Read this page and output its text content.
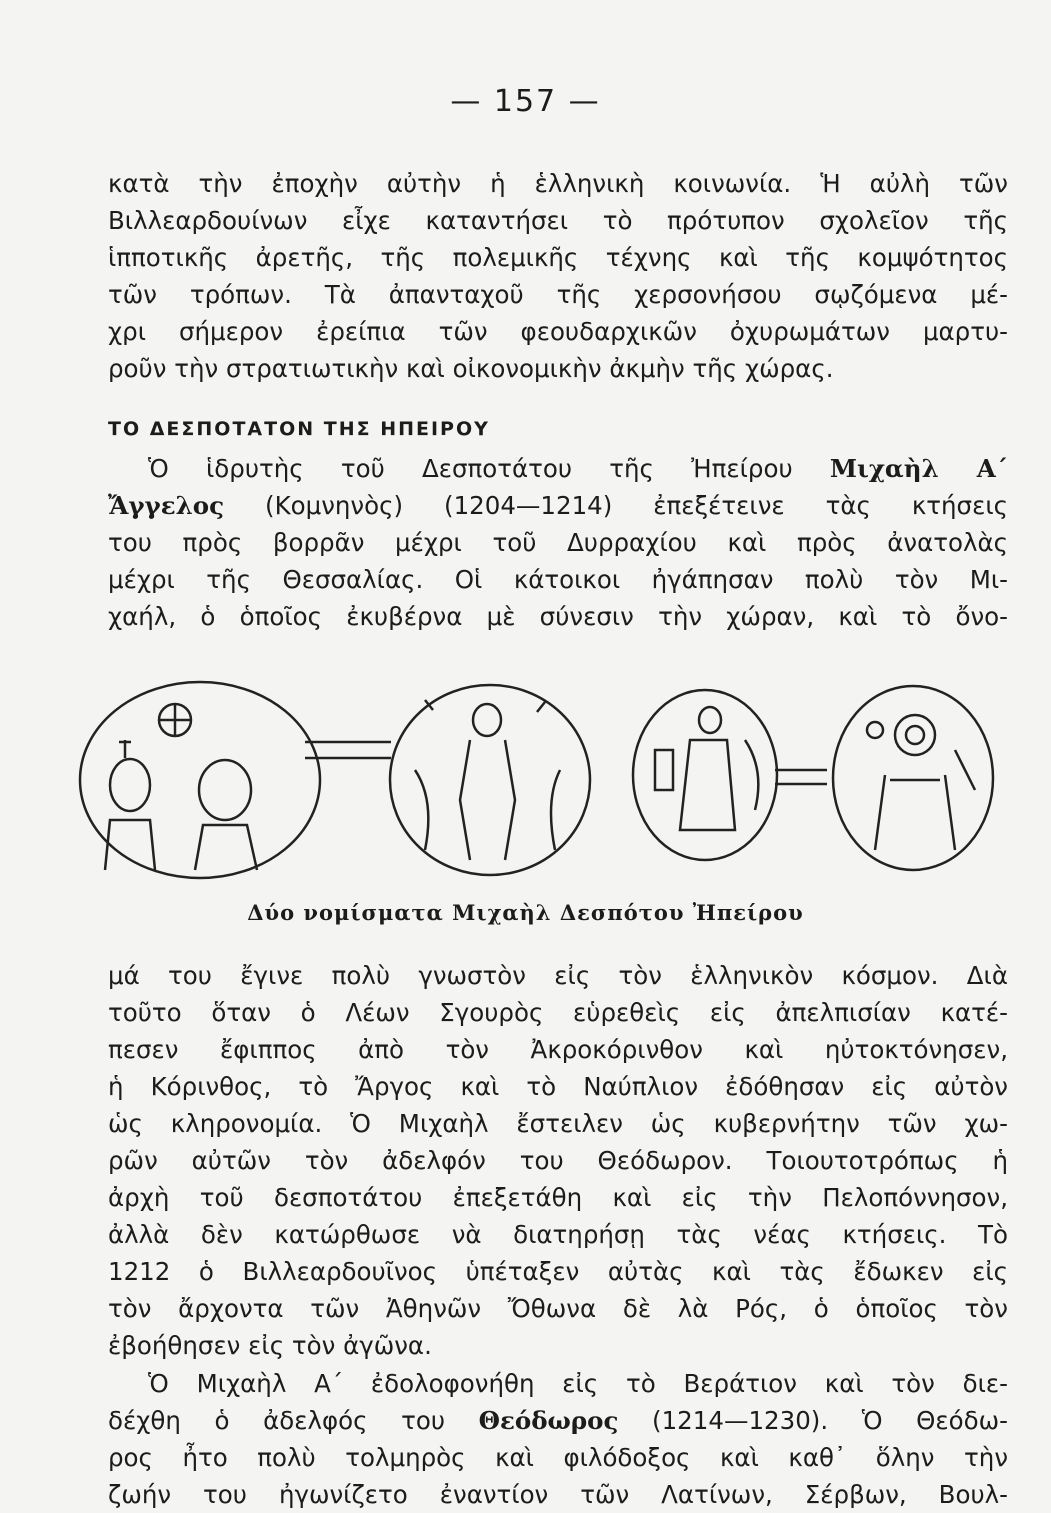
— 157 —
κατὰ τὴν ἐποχὴν αὐτὴν ἡ ἑλληνικὴ κοινωνία. Ἡ αὐλὴ τῶν
Βιλλεαρδουίνων εἶχε καταντήσει τὸ πρότυπον σχολεῖον τῆς
ἱπποτικῆς ἀρετῆς, τῆς πολεμικῆς τέχνης καὶ τῆς κομψότητος
τῶν τρόπων. Τὰ ἀπανταχοῦ τῆς χερσονήσου σῳζόμενα μέ-
χρι σήμερον ἐρείπια τῶν φεουδαρχικῶν ὀχυρωμάτων μαρτυ-
ροῦν τὴν στρατιωτικὴν καὶ οἰκονομικὴν ἀκμὴν τῆς χώρας.
ΤΟ ΔΕΣΠΟΤΑΤΟΝ ΤΗΣ ΗΠΕΙΡΟΥ
Ὁ ἱδρυτὴς τοῦ Δεσποτάτου τῆς Ἠπείρου Μιχαὴλ Α΄
Ἄγγελος (Κομνηνὸς) (1204—1214) ἐπεξέτεινε τὰς κτήσεις
του πρὸς βορρᾶν μέχρι τοῦ Δυρραχίου καὶ πρὸς ἀνατολὰς
μέχρι τῆς Θεσσαλίας. Οἱ κάτοικοι ἠγάπησαν πολὺ τὸν Μι-
χαήλ, ὁ ὁποῖος ἐκυβέρνα μὲ σύνεσιν τὴν χώραν, καὶ τὸ ὄνο-
Δύο νομίσματα Μιχαὴλ Δεσπότου Ἠπείρου
μά του ἔγινε πολὺ γνωστὸν εἰς τὸν ἑλληνικὸν κόσμον. Διὰ
τοῦτο ὅταν ὁ Λέων Σγουρὸς εὑρεθεὶς εἰς ἀπελπισίαν κατέ-
πεσεν ἔφιππος ἀπὸ τὸν Ἀκροκόρινθον καὶ ηὐτοκτόνησεν,
ἡ Κόρινθος, τὸ Ἄργος καὶ τὸ Ναύπλιον ἐδόθησαν εἰς αὐτὸν
ὡς κληρονομία. Ὁ Μιχαὴλ ἔστειλεν ὡς κυβερνήτην τῶν χω-
ρῶν αὐτῶν τὸν ἀδελφόν του Θεόδωρον. Τοιουτοτρόπως ἡ
ἀρχὴ τοῦ δεσποτάτου ἐπεξετάθη καὶ εἰς τὴν Πελοπόννησον,
ἀλλὰ δὲν κατώρθωσε νὰ διατηρήσῃ τὰς νέας κτήσεις. Τὸ
1212 ὁ Βιλλεαρδουῖνος ὑπέταξεν αὐτὰς καὶ τὰς ἔδωκεν εἰς
τὸν ἄρχοντα τῶν Ἀθηνῶν Ὄθωνα δὲ λὰ Ρός, ὁ ὁποῖος τὸν
ἐβοήθησεν εἰς τὸν ἀγῶνα.
Ὁ Μιχαὴλ Α΄ ἐδολοφονήθη εἰς τὸ Βεράτιον καὶ τὸν διε-
δέχθη ὁ ἀδελφός του Θεόδωρος (1214—1230). Ὁ Θεόδω-
ρος ἦτο πολὺ τολμηρὸς καὶ φιλόδοξος καὶ καθ᾽ ὅλην τὴν
ζωήν του ἠγωνίζετο ἐναντίον τῶν Λατίνων, Σέρβων, Βουλ-
